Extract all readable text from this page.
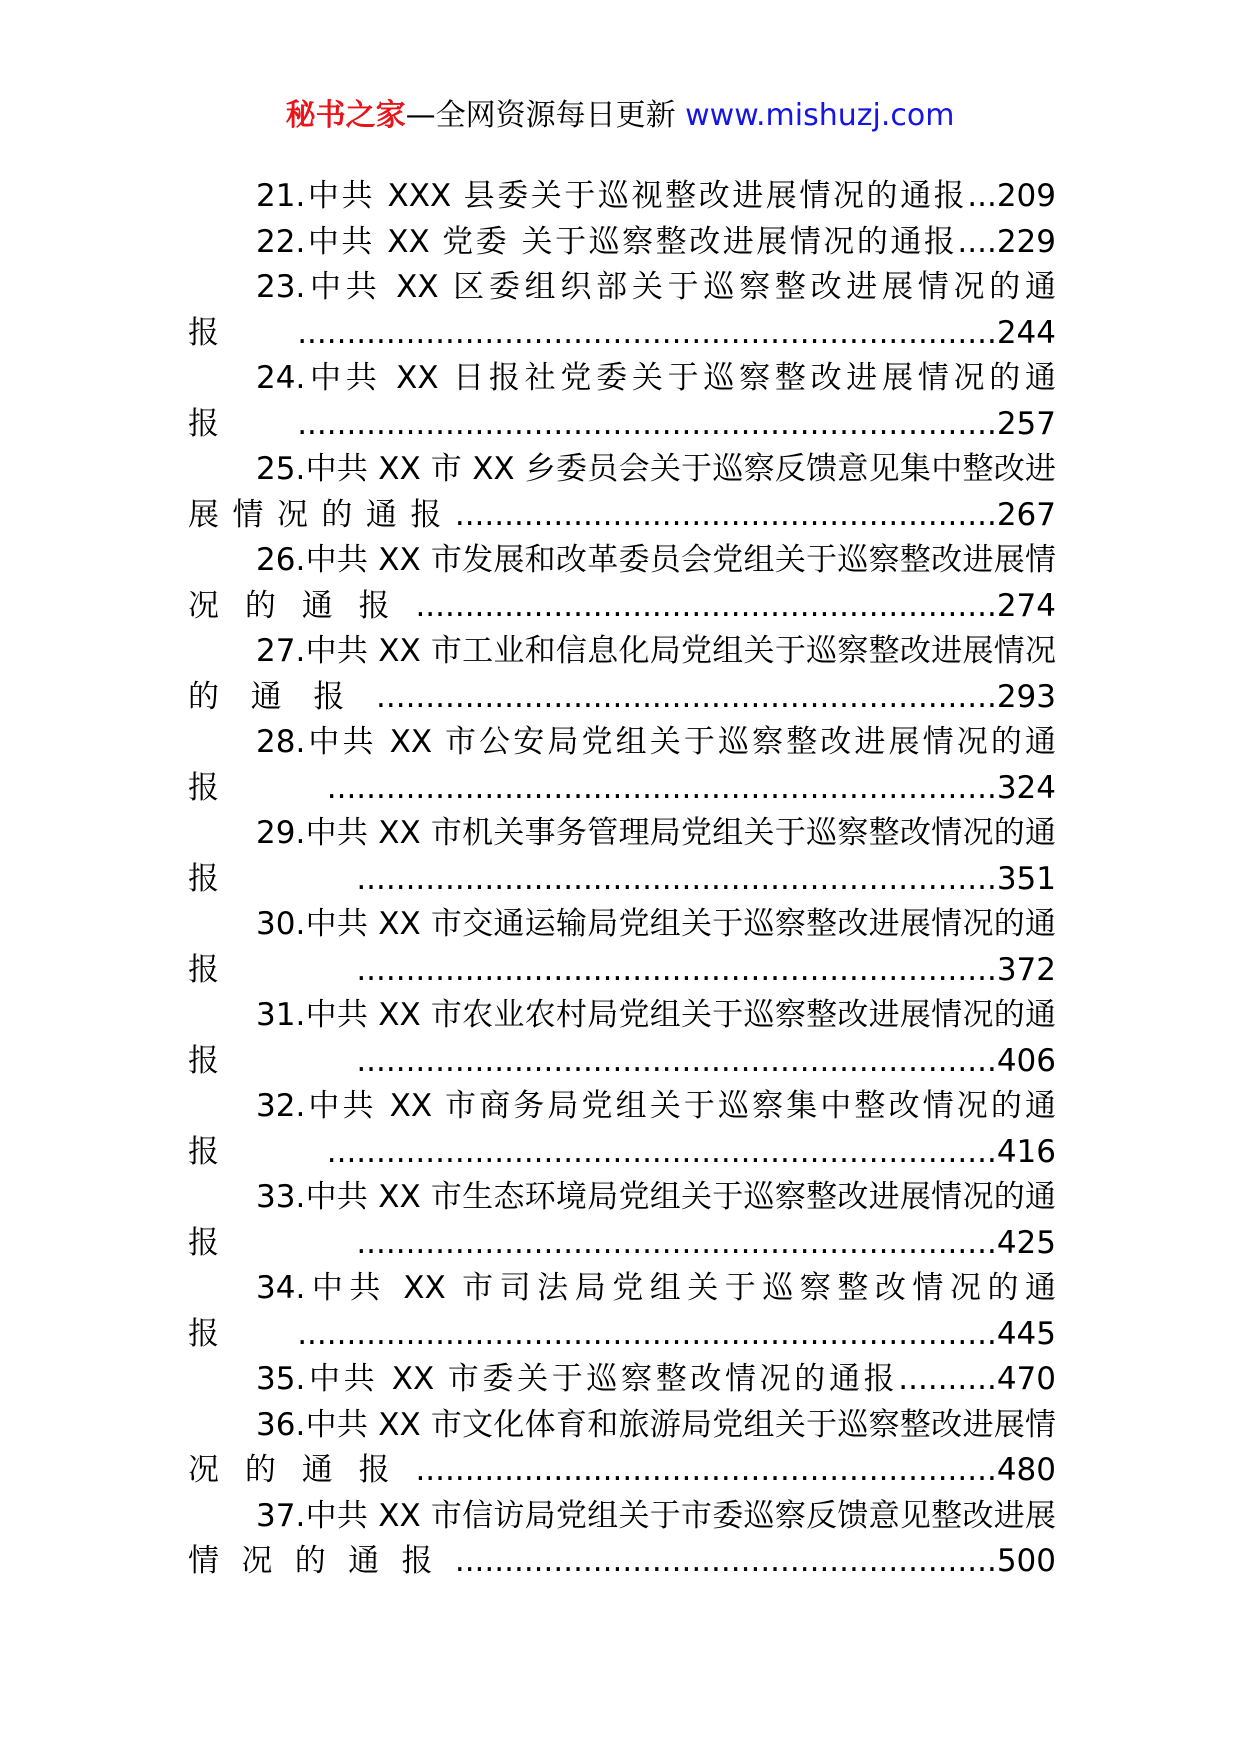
秘书之家—全网资源每日更新 www.mishuzj.com
21.中共 XXX 县委关于巡视整改进展情况的通报...209
22.中共 XX 党委 关于巡察整改进展情况的通报....229
23.中共 XX 区委组织部关于巡察整改进展情况的通报.......................................................................244
24.中共 XX 日报社党委关于巡察整改进展情况的通报.......................................................................257
25.中共 XX 市 XX 乡委员会关于巡察反馈意见集中整改进展情况的通报.......................................................267
26.中共 XX 市发展和改革委员会党组关于巡察整改进展情况的通报...........................................................274
27.中共 XX 市工业和信息化局党组关于巡察整改进展情况的通报...............................................................293
28.中共 XX 市公安局党组关于巡察整改进展情况的通报....................................................................324
29.中共 XX 市机关事务管理局党组关于巡察整改情况的通报.................................................................351
30.中共 XX 市交通运输局党组关于巡察整改进展情况的通报.................................................................372
31.中共 XX 市农业农村局党组关于巡察整改进展情况的通报.................................................................406
32.中共 XX 市商务局党组关于巡察集中整改情况的通报....................................................................416
33.中共 XX 市生态环境局党组关于巡察整改进展情况的通报.................................................................425
34.中共 XX 市司法局党组关于巡察整改情况的通报.......................................................................445
35.中共 XX 市委关于巡察整改情况的通报..........470
36.中共 XX 市文化体育和旅游局党组关于巡察整改进展情况的通报...........................................................480
37.中共 XX 市信访局党组关于市委巡察反馈意见整改进展情况的通报.......................................................500
